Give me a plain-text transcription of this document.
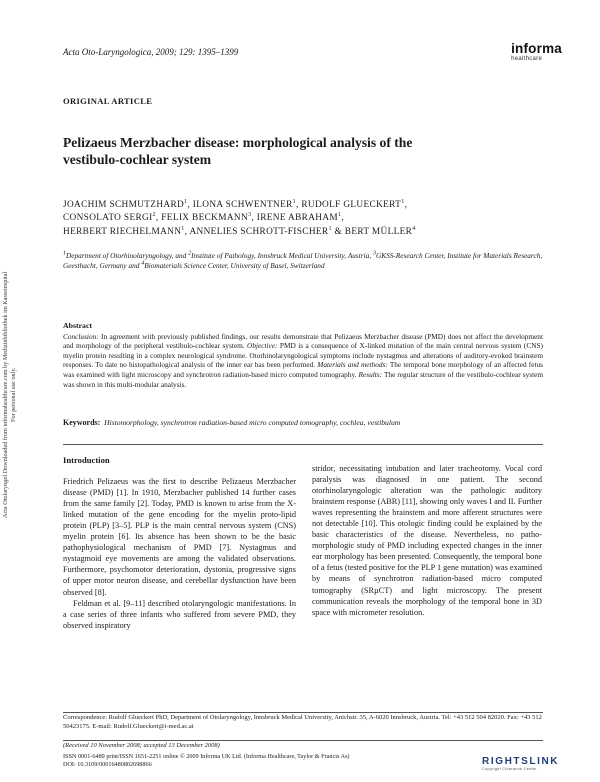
Acta Otolaryngol Downloaded from informahealthcare.com by Medizinbibliothek im Kasseinspital For personal use only.
Acta Oto-Laryngologica, 2009; 129: 1395–1399	informa
healthcare
ORIGINAL ARTICLE
Pelizaeus Merzbacher disease: morphological analysis of the vestibulo-cochlear system
JOACHIM SCHMUTZHARD$^1$, ILONA SCHWENTNER$^1$, RUDOLF GLUECKERT$^1$,
CONSOLATO SERGI$^2$, FELIX BECKMANN$^3$, IRENE ABRAHAM$^1$,
HERBERT RIECHELMANN$^1$, ANNELIES SCHROTT-FISCHER$^1$ & BERT MÜLLER$^4$
$^1$Department of Otorhinolaryngology, and $^2$Institute of Pathology, Innsbruck Medical University, Austria, $^3$GKSS-Research Center, Institute for Materials Research, Geesthacht, Germany and $^4$Biomaterials Science Center, University of Basel, Switzerland
Abstract
Conclusion: In agreement with previously published findings, our results demonstrate that Pelizaeus Merzbacher disease (PMD) does not affect the development and morphology of the peripheral vestibulo-cochlear system. Objective: PMD is a consequence of X-linked mutation of the main central nervous system (CNS) myelin protein resulting in a complex neurological syndrome. Otorhinolaryngological symptoms include nystagmus and alterations of auditory-evoked brainstem responses. To date no histopathological analysis of the inner ear has been performed. Materials and methods: The temporal bone morphology of an affected fetus was examined with light microscopy and synchrotron radiation-based micro computed tomography. Results: The regular structure of the vestibulo-cochlear system was shown in this multi-modular analysis.
Keywords: Histomorphology, synchrotron radiation-based micro computed tomography, cochlea, vestibulum
Introduction

Friedrich Pelizaeus was the first to describe Pelizaeus Merzbacher disease (PMD) [1]. In 1910, Merzbacher published 14 further cases from the same family [2]. Today, PMD is known to arise from the X-linked mutation of the gene encoding for the myelin proto-lipid protein (PLP) [3–5]. PLP is the main central nervous system (CNS) myelin protein [6]. Its absence has been shown to be the basic pathophysiological mechanism of PMD [7]. Nystagmus and nystagmoid eye movements are among the validated observations. Furthermore, psychomotor deterioration, dystonia, progressive signs of upper motor neuron disease, and cerebellar dysfunction have been observed [8].

Feldman et al. [9–11] described otolaryngologic manifestations. In a case series of three infants who suffered from severe PMD, they observed inspiratory

stridor, necessitating intubation and later tracheotomy. Vocal cord paralysis was diagnosed in one patient. The second otorhinolaryngologic alteration was the pathologic auditory brainstem response (ABR) [11], showing only waves I and II. Further waves representing the brainstem and more afferent structures were not detectable [10]. This otologic finding could be explained by the basic characteristics of the disease. Nevertheless, no patho-morphologic study of PMD including expected changes in the inner ear morphology has been presented. Consequently, the temporal bone of a fetus (tested positive for the PLP 1 gene mutation) was examined by means of synchrotron radiation-based micro computed tomography (SRµCT) and light microscopy. The present communication reveals the morphology of the temporal bone in 3D space with micrometer resolution.

Correspondence: Rudolf Glueckert PhD, Department of Otolaryngology, Innsbruck Medical University, Anichstr. 35, A-6020 Innsbruck, Austria. Tel: +43 512 504 82020. Fax: +43 512 50423175. E-mail: Rudolf.Glueckert@i-med.ac.at
(Received 10 November 2008; accepted 13 December 2008)
ISSN 0001-6489 print/ISSN 1651-2251 online © 2009 Informa UK Ltd. (Informa Healthcare, Taylor & Francis As)
DOI: 10.3109/00016480802698866	RIGHTSLINK
Copyright Clearance Center
